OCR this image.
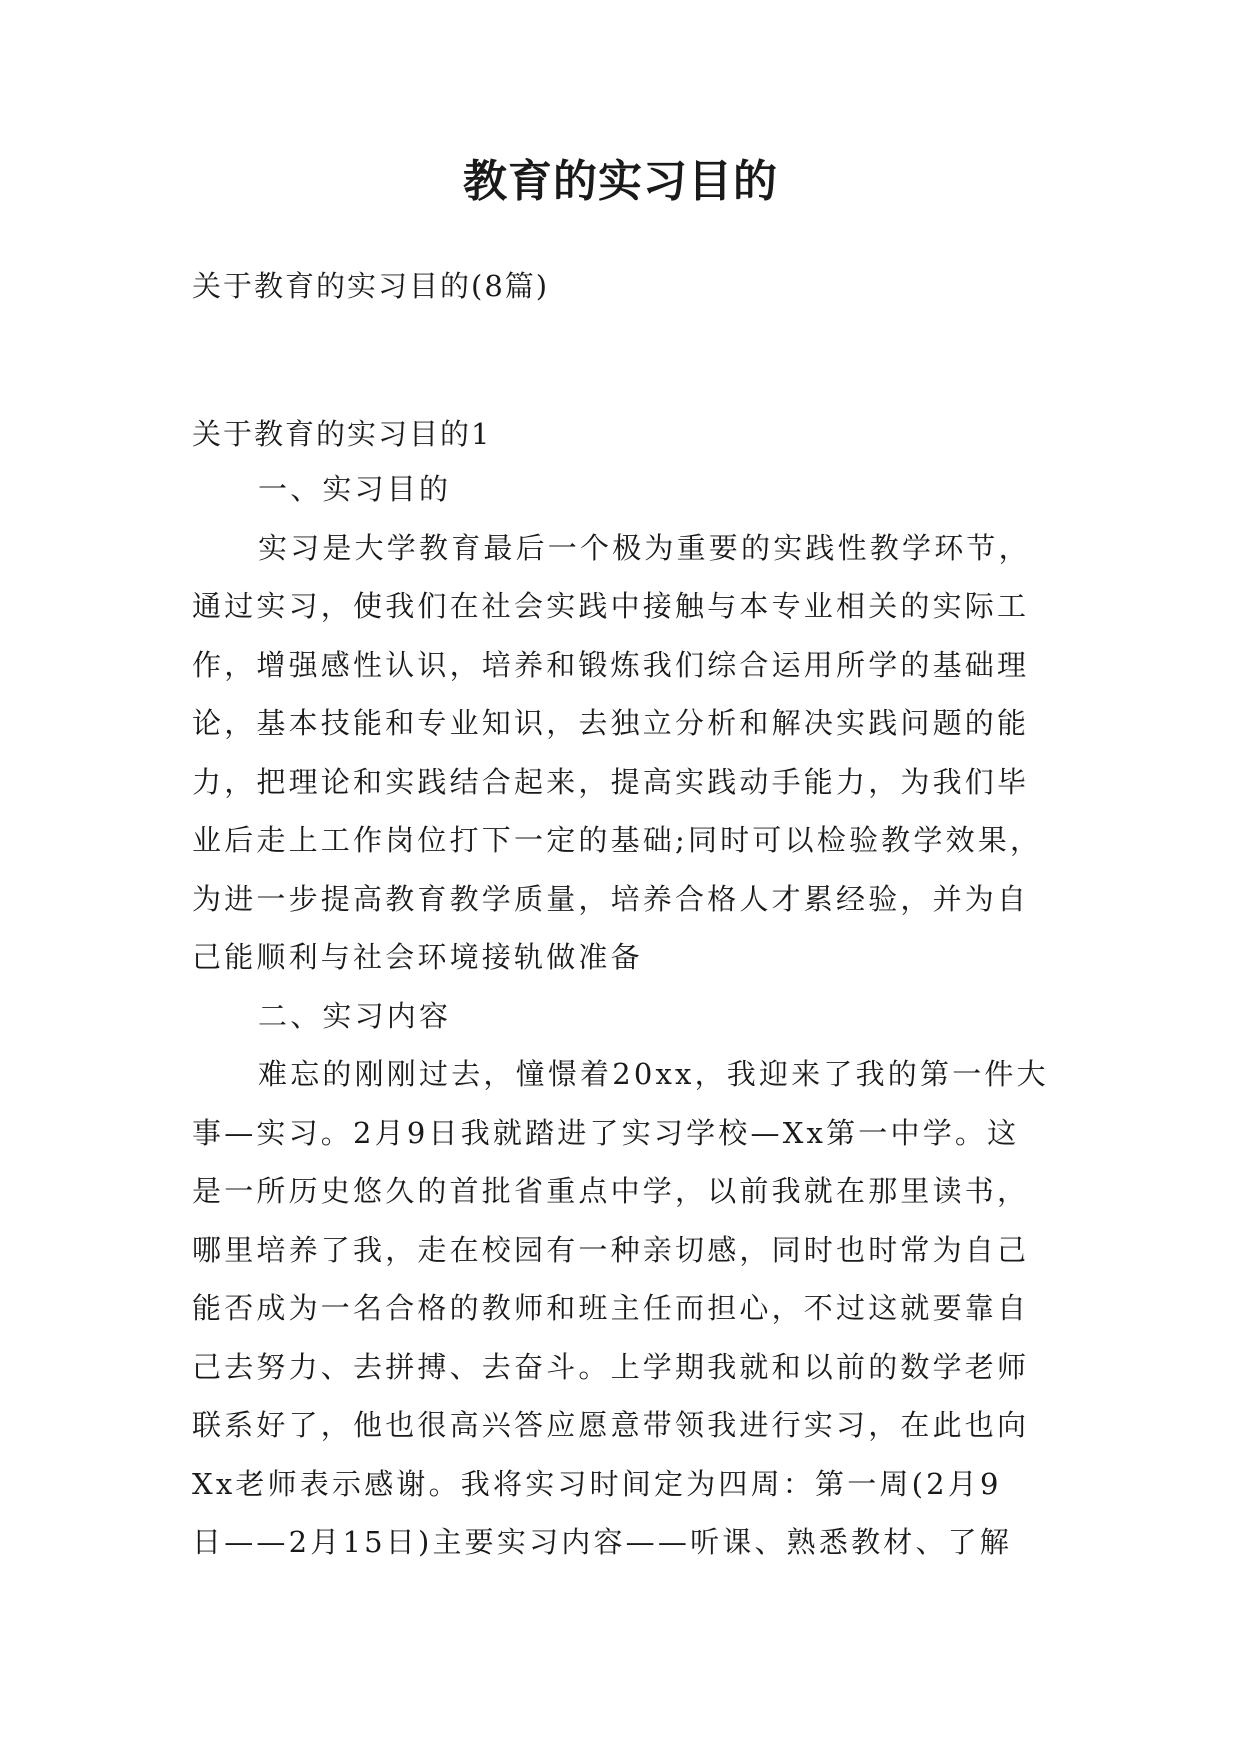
教育的实习目的
关于教育的实习目的(8篇)
关于教育的实习目的1
一、实习目的
实习是大学教育最后一个极为重要的实践性教学环节，
通过实习，使我们在社会实践中接触与本专业相关的实际工
作，增强感性认识，培养和锻炼我们综合运用所学的基础理
论，基本技能和专业知识，去独立分析和解决实践问题的能
力，把理论和实践结合起来，提高实践动手能力，为我们毕
业后走上工作岗位打下一定的基础;同时可以检验教学效果，
为进一步提高教育教学质量，培养合格人才累经验，并为自
己能顺利与社会环境接轨做准备
二、实习内容
难忘的刚刚过去，憧憬着20xx，我迎来了我的第一件大
事—实习。2月9日我就踏进了实习学校—Xx第一中学。这
是一所历史悠久的首批省重点中学，以前我就在那里读书，
哪里培养了我，走在校园有一种亲切感，同时也时常为自己
能否成为一名合格的教师和班主任而担心，不过这就要靠自
己去努力、去拼搏、去奋斗。上学期我就和以前的数学老师
联系好了，他也很高兴答应愿意带领我进行实习，在此也向
Xx老师表示感谢。我将实习时间定为四周：第一周(2月9
日——2月15日)主要实习内容——听课、熟悉教材、了解
